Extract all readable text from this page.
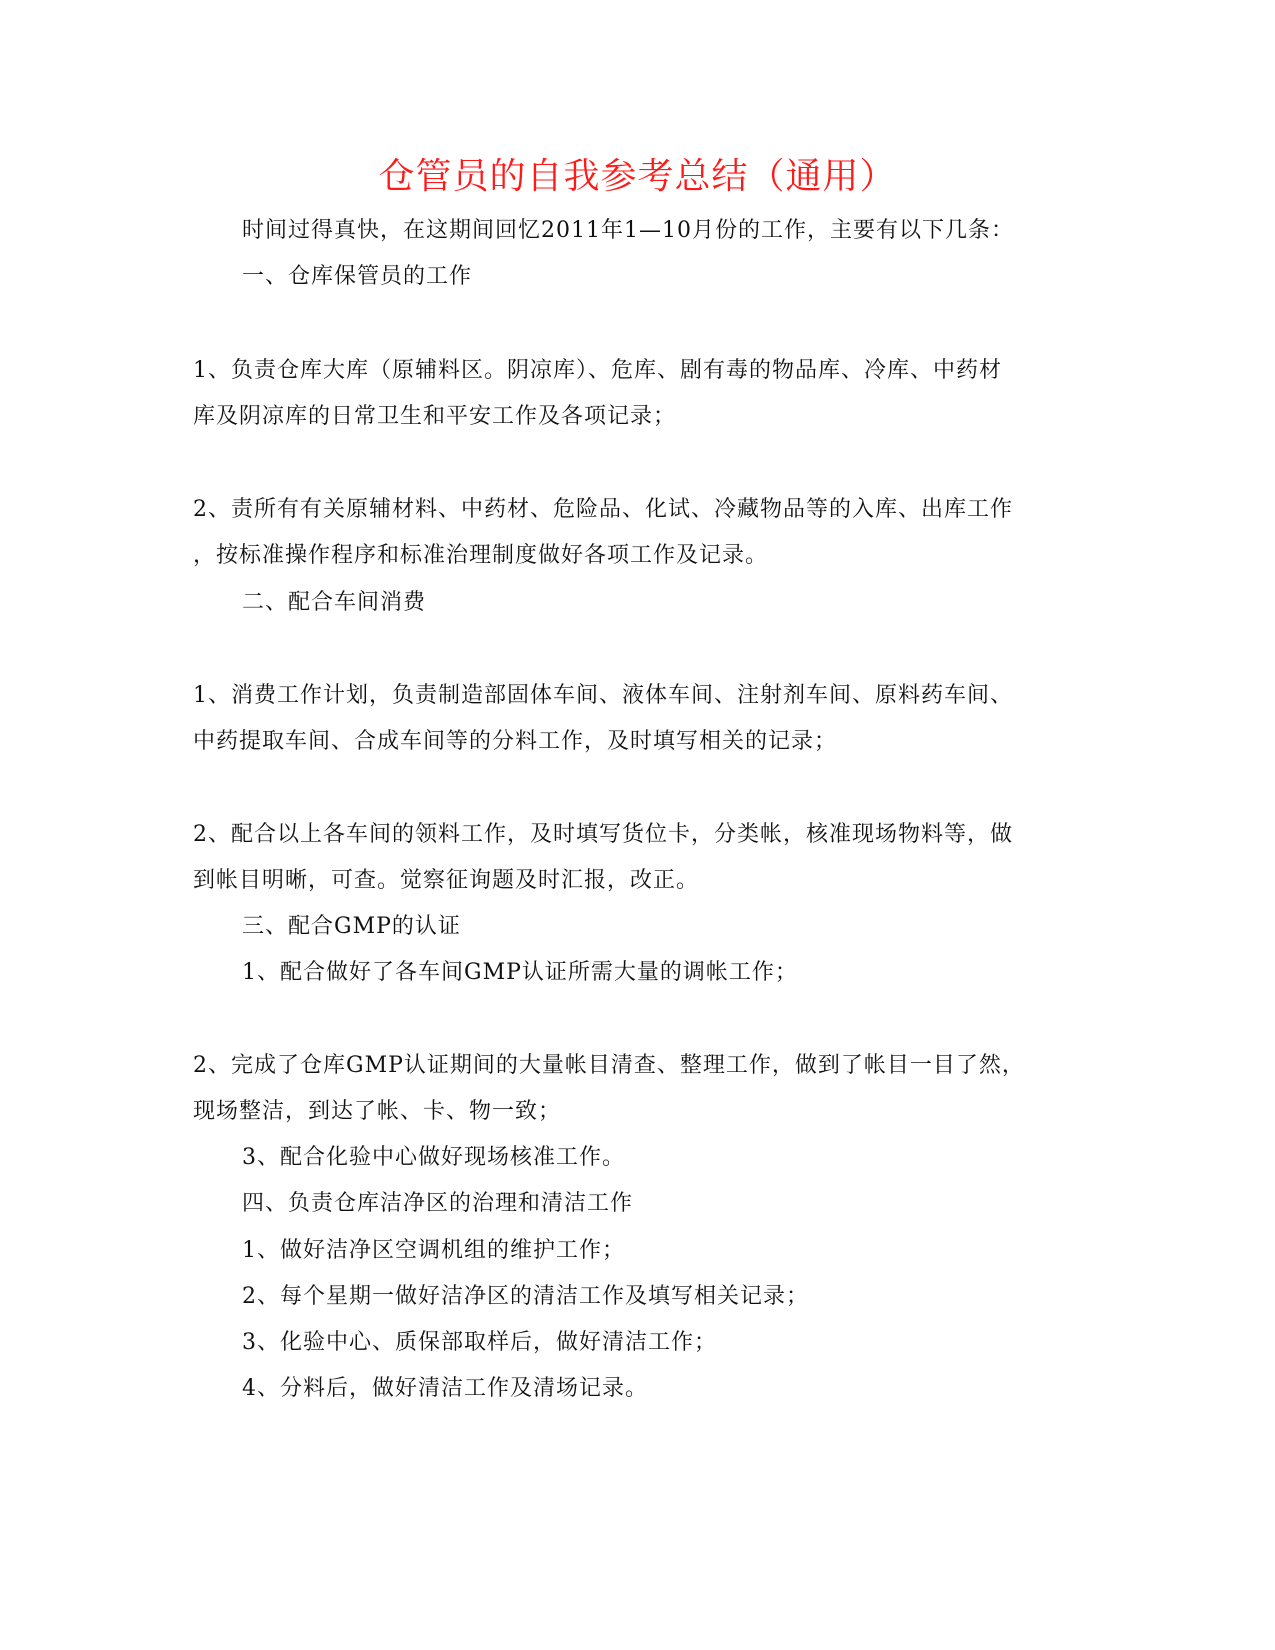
仓管员的自我参考总结（通用）
时间过得真快，在这期间回忆2011年1—10月份的工作，主要有以下几条：
一、仓库保管员的工作
1、负责仓库大库（原辅料区。阴凉库）、危库、剧有毒的物品库、冷库、中药材
库及阴凉库的日常卫生和平安工作及各项记录；
2、责所有有关原辅材料、中药材、危险品、化试、冷藏物品等的入库、出库工作
，按标准操作程序和标准治理制度做好各项工作及记录。
二、配合车间消费
1、消费工作计划，负责制造部固体车间、液体车间、注射剂车间、原料药车间、
中药提取车间、合成车间等的分料工作，及时填写相关的记录；
2、配合以上各车间的领料工作，及时填写货位卡，分类帐，核准现场物料等，做
到帐目明晰，可查。觉察征询题及时汇报，改正。
三、配合GMP的认证
1、配合做好了各车间GMP认证所需大量的调帐工作；
2、完成了仓库GMP认证期间的大量帐目清查、整理工作，做到了帐目一目了然，
现场整洁，到达了帐、卡、物一致；
3、配合化验中心做好现场核准工作。
四、负责仓库洁净区的治理和清洁工作
1、做好洁净区空调机组的维护工作；
2、每个星期一做好洁净区的清洁工作及填写相关记录；
3、化验中心、质保部取样后，做好清洁工作；
4、分料后，做好清洁工作及清场记录。
